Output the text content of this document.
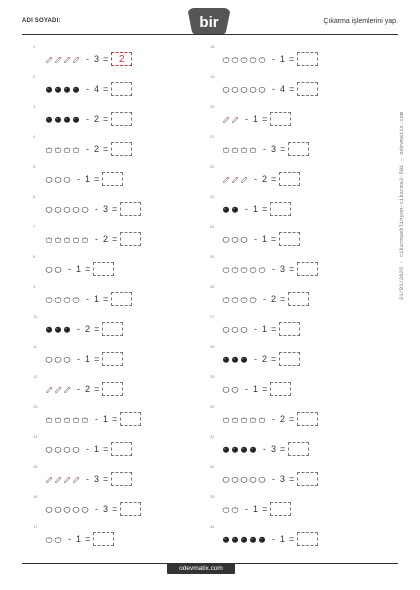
ADI SOYADI:	bir	Çıkarma işlemlerini yap.
1
- 3 =	2
2
- 4 =
3
- 2 =
4
- 2 =
5
- 1 =
6
- 3 =
7
- 2 =
8
- 1 =
9
- 1 =
10
- 2 =
11
- 1 =
12
- 2 =
13
- 1 =
14
- 1 =
15
- 3 =
16
- 3 =
17
- 1 =
18
- 1 =
19
- 4 =
20
- 1 =
21
- 3 =
22
- 2 =
23
- 1 =
24
- 1 =
25
- 3 =
26
- 2 =
27
- 1 =
28
- 2 =
29
- 1 =
30
- 2 =
31
- 3 =
32
- 3 =
33
- 1 =
34
- 1 =
21/01/2025 - cikarmaeklinyon-cikarma3-501 - odevmatix.com
odevmatix.com
